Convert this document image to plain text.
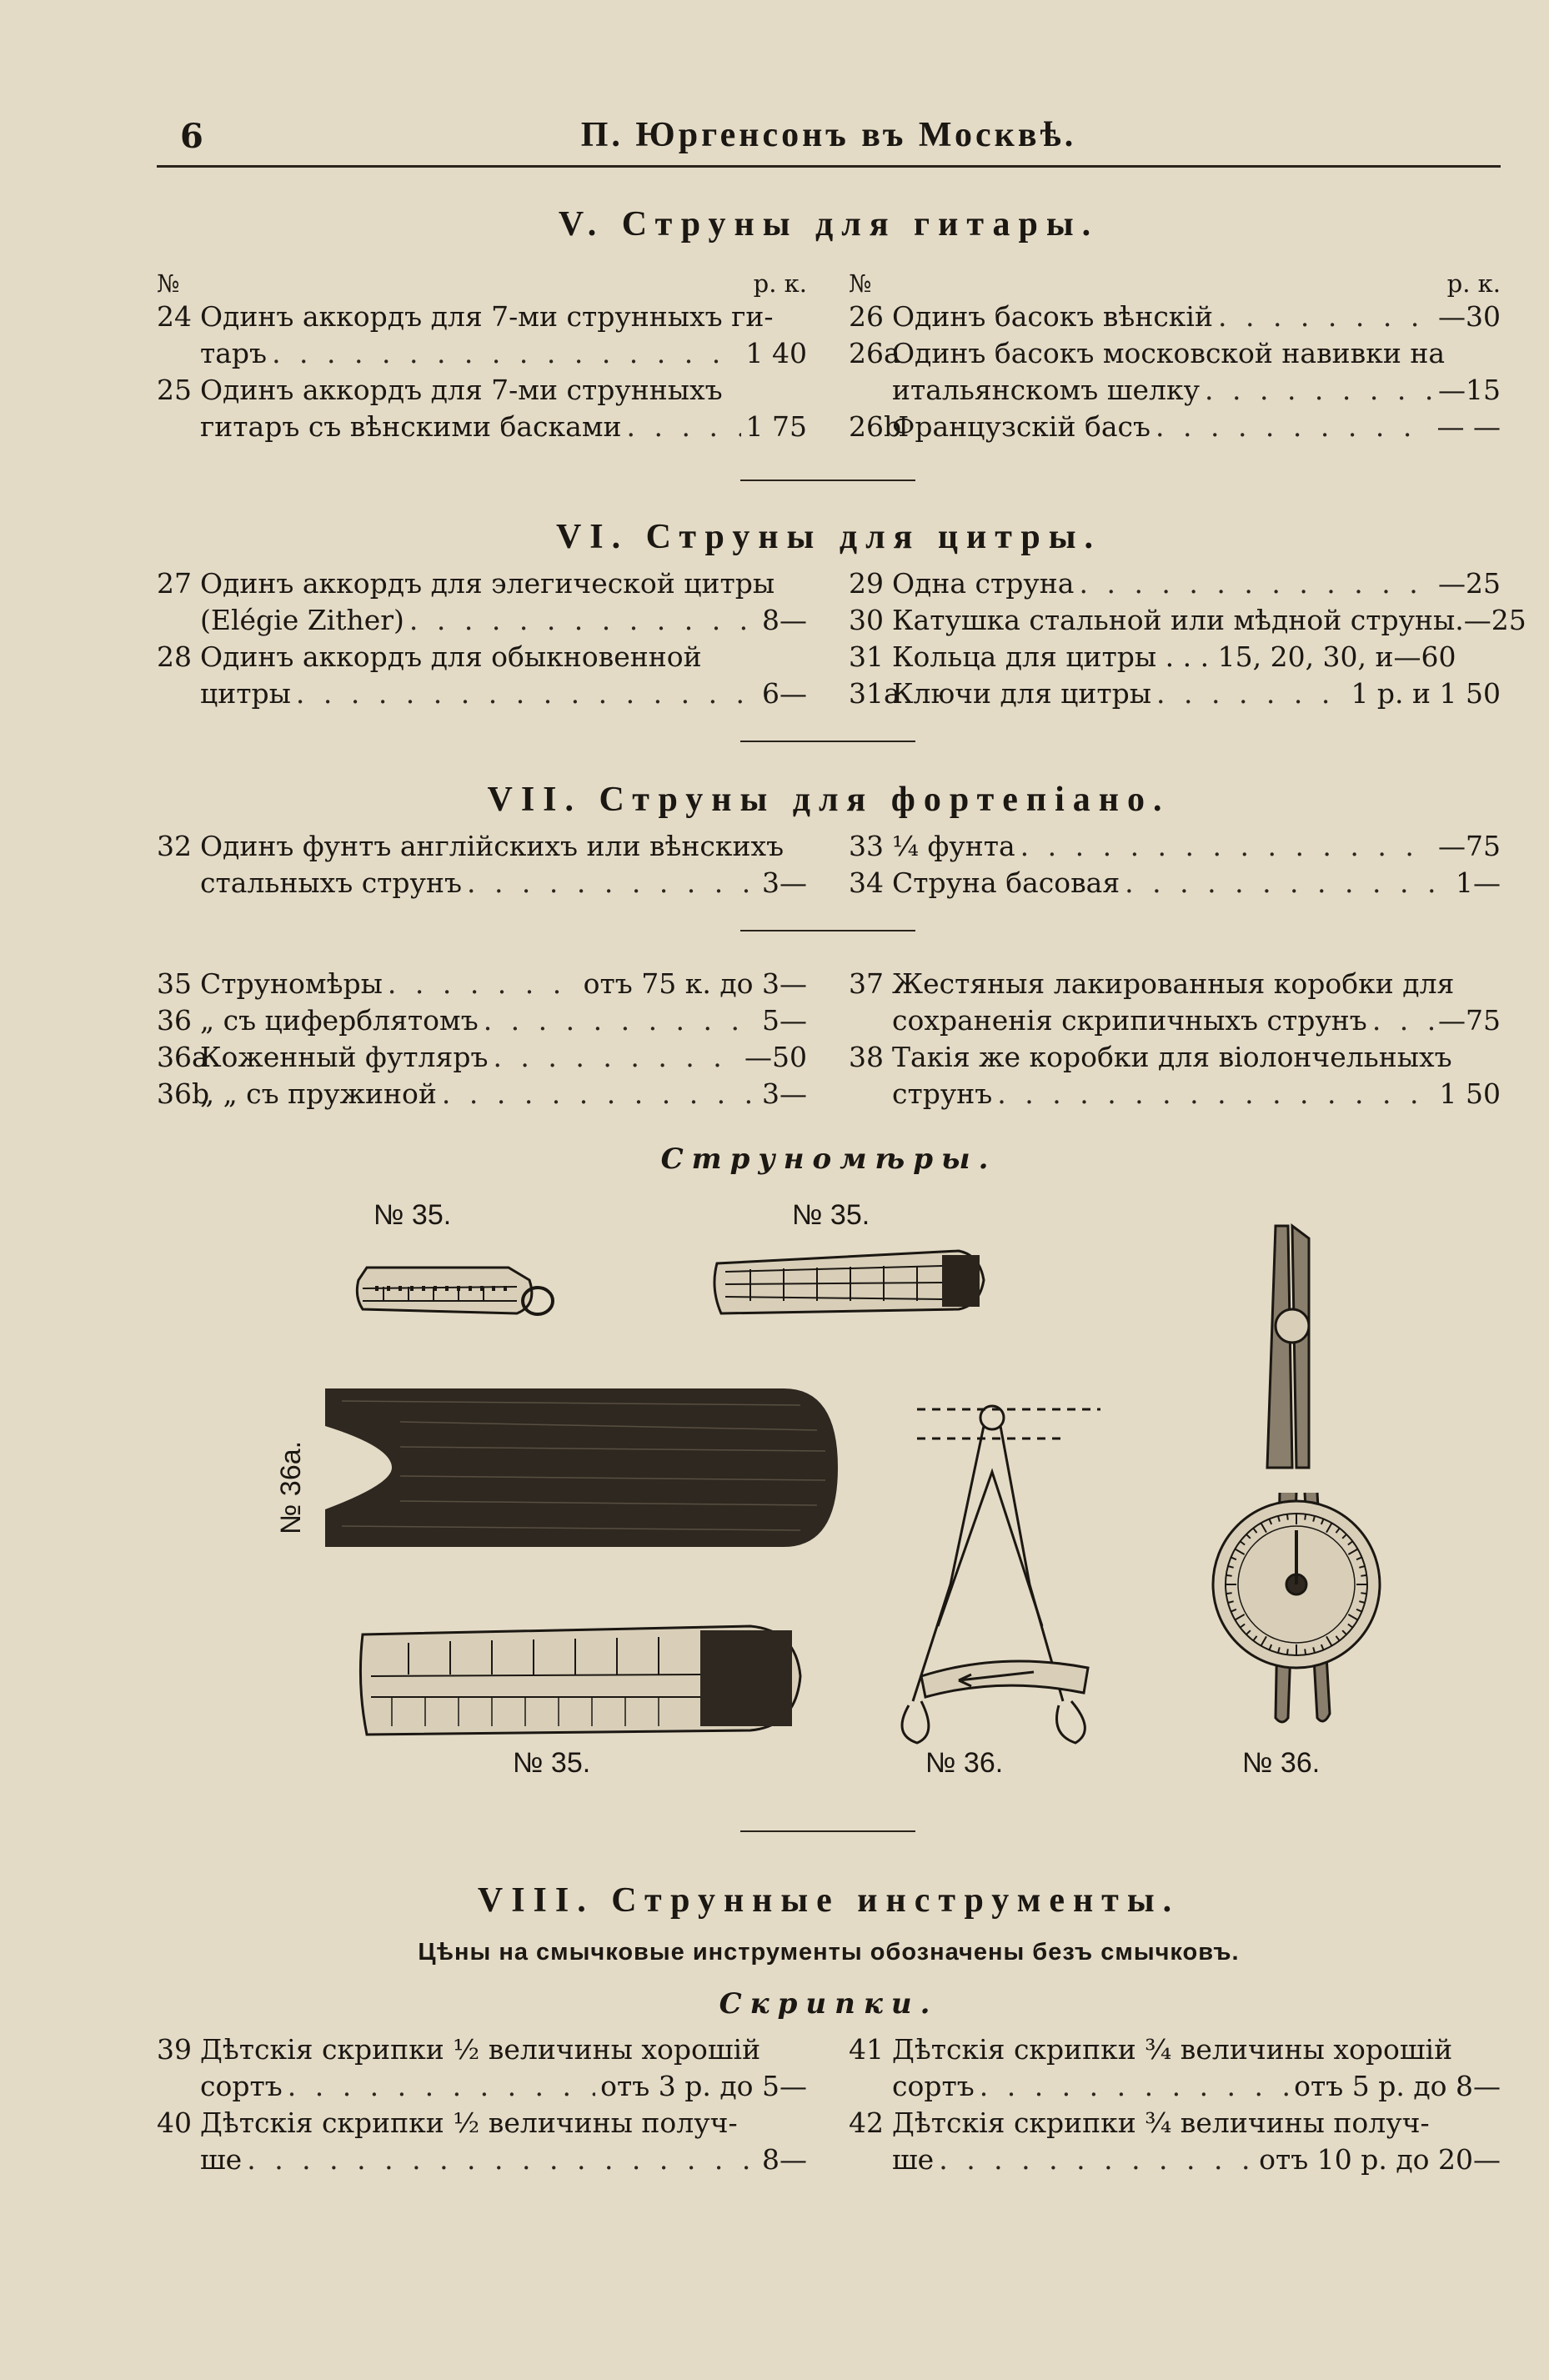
6	П. Юргенсонъ въ Москвѣ.
V. Струны для гитары.
№	р. к.
24 Одинъ аккордъ для 7-ми струнныхъ ги-
таръ . . .	1 40
25 Одинъ аккордъ для 7-ми струнныхъ
гитаръ съ вѣнскими басками . . .	1 75
№	р. к.
26 Одинъ басокъ вѣнскій . . .	—30
26a
Одинъ басокъ московской навивки на
итальянскомъ шелку . . .	—15
26b
Французскій басъ . . .	— —
VI. Струны для цитры.
27 Одинъ аккордъ для элегической цитры
(Elégie Zither) . . .	8—
28 Одинъ аккордъ для обыкновенной
цитры . . .	6—
29 Одна струна . . .	—25
30 Катушка стальной или мѣдной струны. —25
31 Кольца для цитры . . . 15, 20, 30, и —60
31a
Ключи для цитры . . .	1 р. и 1 50
VII. Струны для фортепіано.
32 Одинъ фунтъ англійскихъ или вѣнскихъ
стальныхъ струнъ . . .	3—
33 ¼ фунта . . .	—75
34 Струна басовая . . .	1—
35 Струномѣры . . .	отъ 75 к. до 3—
36 „ съ циферблятомъ . . .	5—
36a
Коженный футляръ . . .	—50
36b
„ „ съ пружиной . . .	3—
37 Жестяныя лакированныя коробки для
сохраненія скрипичныхъ струнъ . . .	—75
38 Такія же коробки для віолончельныхъ
струнъ . . .	1 50
Струномѣры.
№ 35.	№ 35.
№ 36а.
№ 35.	№ 36.	№ 36.
VIII. Струнные инструменты.
Цѣны на смычковые инструменты обозначены безъ смычковъ.
Скрипки.
39 Дѣтскія скрипки ½ величины хорошій
сортъ . . .	отъ 3 р. до 5—
40 Дѣтскія скрипки ½ величины получ-
ше . . .	8—
41 Дѣтскія скрипки ¾ величины хорошій
сортъ . . .	отъ 5 р. до 8—
42 Дѣтскія скрипки ¾ величины получ-
ше . . .	отъ 10 р. до 20—
